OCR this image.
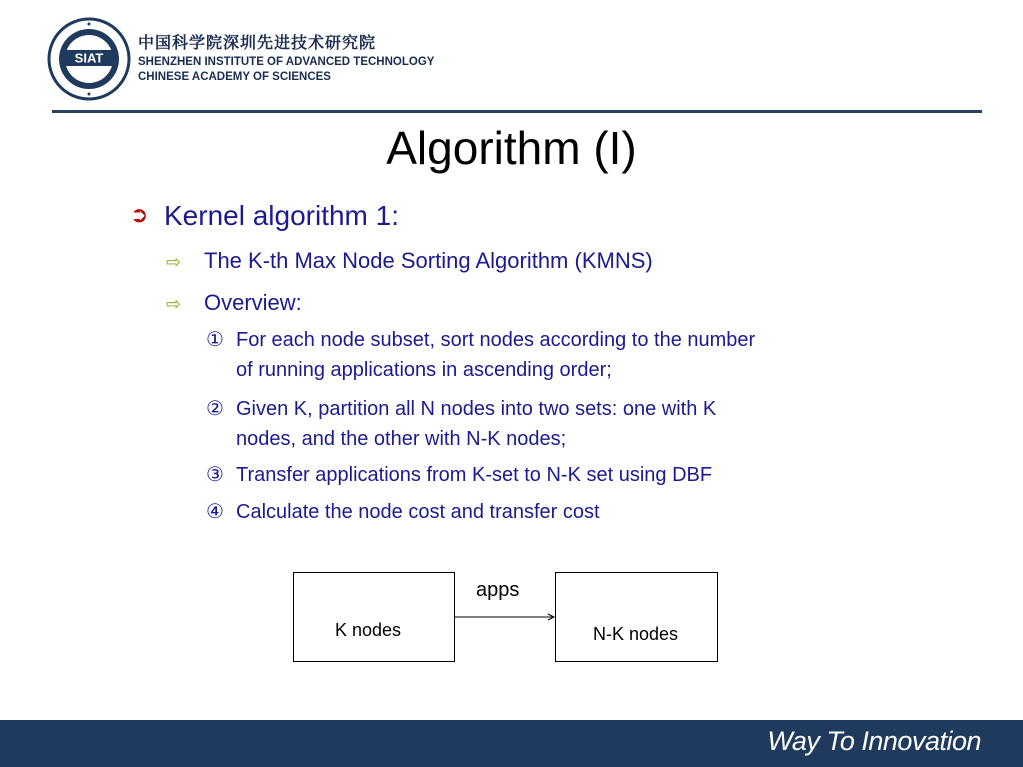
SIAT
中国科学院深圳先进技术研究院
SHENZHEN INSTITUTE OF ADVANCED TECHNOLOGY
CHINESE ACADEMY OF SCIENCES
Algorithm (I)
➲ Kernel algorithm 1:
⇨ The K-th Max Node Sorting Algorithm (KMNS)
⇨ Overview:
① For each node subset, sort nodes according to the number
of running applications in ascending order;
② Given K, partition all N nodes into two sets: one with K
nodes, and the other with N-K nodes;
③ Transfer applications from K-set to N-K set using DBF
④ Calculate the node cost and transfer cost
K nodes	N-K nodes
apps
Way To Innovation
